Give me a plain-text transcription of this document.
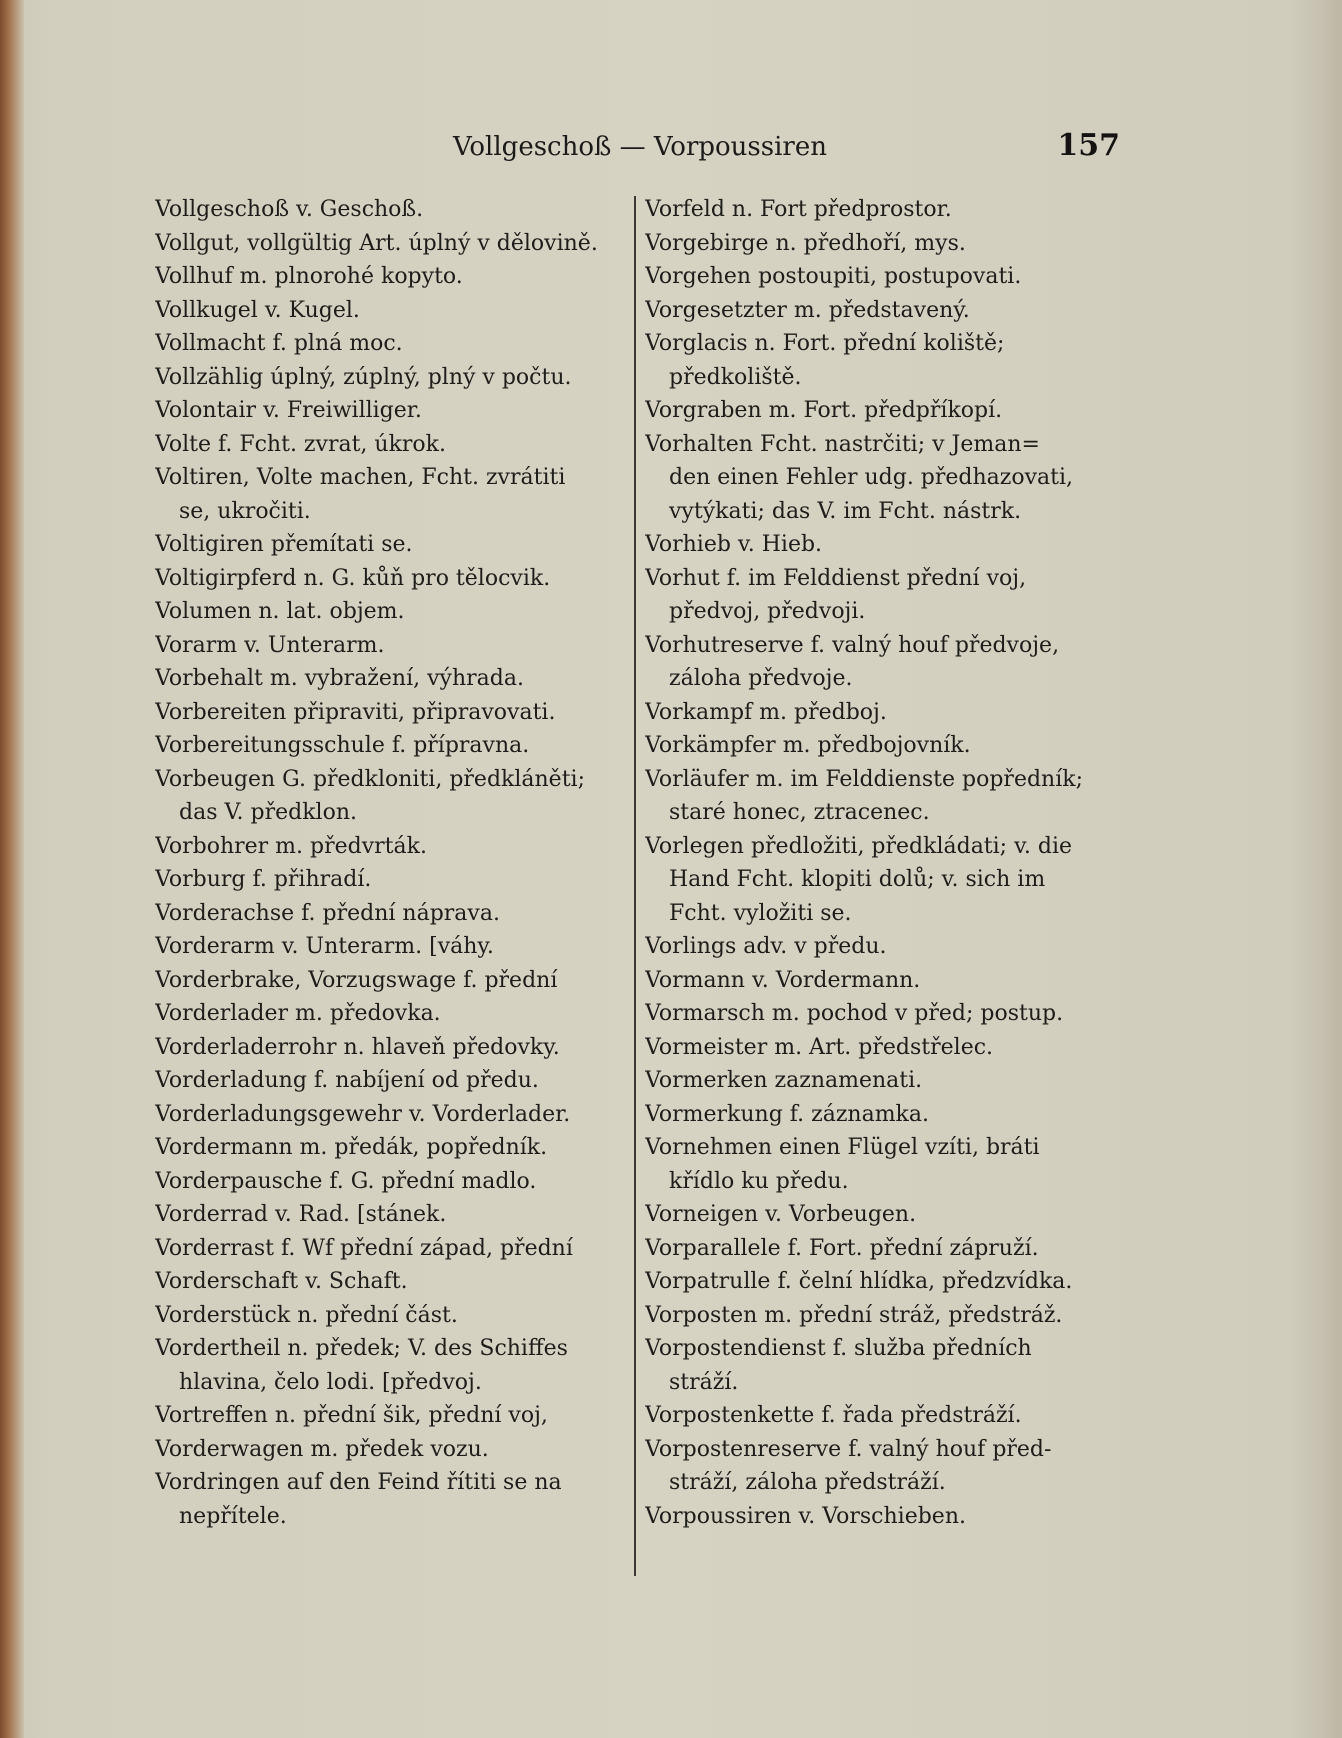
Vollgeschoß — Vorpoussiren	157

Vollgeschoß v. Geschoß.

Vollgut, vollgültig Art. úplný v dělovině.

Vollhuf m. plnorohé kopyto.

Vollkugel v. Kugel.

Vollmacht f. plná moc.

Vollzählig úplný, zúplný, plný v počtu.

Volontair v. Freiwilliger.

Volte f. Fcht. zvrat, úkrok.

Voltiren, Volte machen, Fcht. zvrátiti

se, ukročiti.

Voltigiren přemítati se.

Voltigirpferd n. G. kůň pro tělocvik.

Volumen n. lat. objem.

Vorarm v. Unterarm.

Vorbehalt m. vybražení, výhrada.

Vorbereiten připraviti, připravovati.

Vorbereitungsschule f. přípravna.

Vorbeugen G. předkloniti, předkláněti;

das V. předklon.

Vorbohrer m. předvrták.

Vorburg f. přihradí.

Vorderachse f. přední náprava.

Vorderarm v. Unterarm. [váhy.

Vorderbrake, Vorzugswage f. přední

Vorderlader m. předovka.

Vorderladerrohr n. hlaveň předovky.

Vorderladung f. nabíjení od předu.

Vorderladungsgewehr v. Vorderlader.

Vordermann m. předák, popředník.

Vorderpausche f. G. přední madlo.

Vorderrad v. Rad. [stánek.

Vorderrast f. Wf přední západ, přední

Vorderschaft v. Schaft.

Vorderstück n. přední část.

Vordertheil n. předek; V. des Schiffes

hlavina, čelo lodi. [předvoj.

Vortreffen n. přední šik, přední voj,

Vorderwagen m. předek vozu.

Vordringen auf den Feind řítiti se na

nepřítele.

Vorfeld n. Fort předprostor.

Vorgebirge n. předhoří, mys.

Vorgehen postoupiti, postupovati.

Vorgesetzter m. představený.

Vorglacis n. Fort. přední koliště;

předkoliště.

Vorgraben m. Fort. předpříkopí.

Vorhalten Fcht. nastrčiti; v Jeman=

den einen Fehler udg. předhazovati,

vytýkati; das V. im Fcht. nástrk.

Vorhieb v. Hieb.

Vorhut f. im Felddienst přední voj,

předvoj, předvoji.

Vorhutreserve f. valný houf předvoje,

záloha předvoje.

Vorkampf m. předboj.

Vorkämpfer m. předbojovník.

Vorläufer m. im Felddienste popředník;

staré honec, ztracenec.

Vorlegen předložiti, předkládati; v. die

Hand Fcht. klopiti dolů; v. sich im

Fcht. vyložiti se.

Vorlings adv. v předu.

Vormann v. Vordermann.

Vormarsch m. pochod v před; postup.

Vormeister m. Art. předstřelec.

Vormerken zaznamenati.

Vormerkung f. záznamka.

Vornehmen einen Flügel vzíti, bráti

křídlo ku předu.

Vorneigen v. Vorbeugen.

Vorparallele f. Fort. přední zápruží.

Vorpatrulle f. čelní hlídka, předzvídka.

Vorposten m. přední stráž, předstráž.

Vorpostendienst f. služba předních

stráží.

Vorpostenkette f. řada předstráží.

Vorpostenreserve f. valný houf před-

stráží, záloha předstráží.

Vorpoussiren v. Vorschieben.
